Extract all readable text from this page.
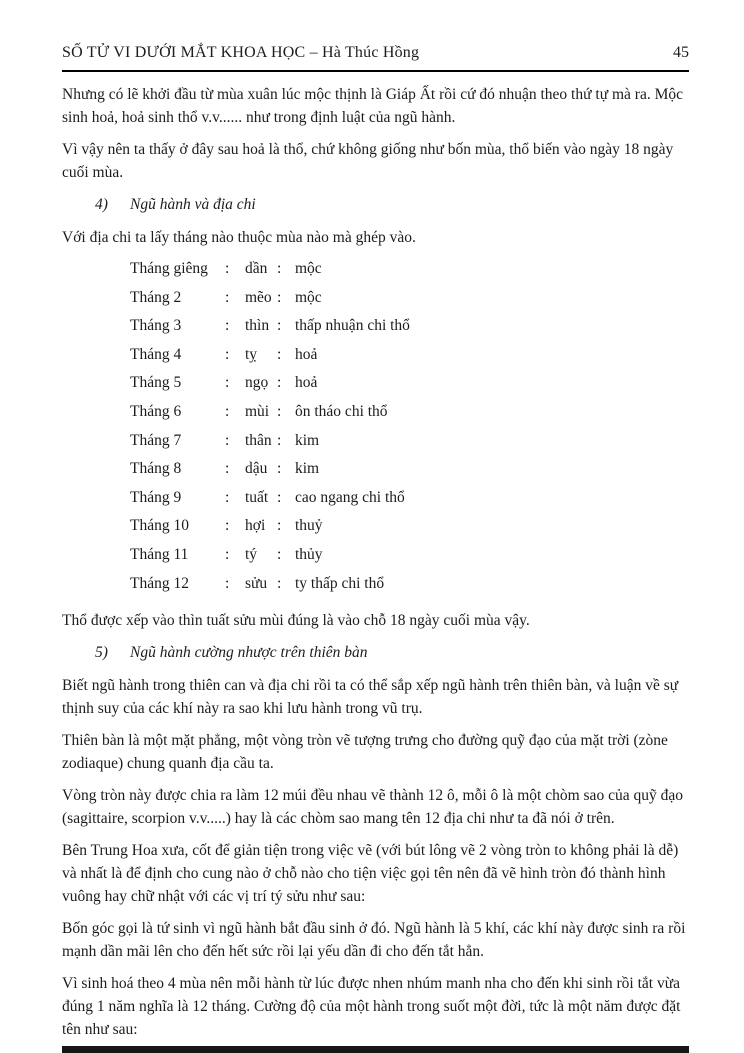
SỐ TỬ VI DƯỚI MẮT KHOA HỌC – Hà Thúc Hồng	45

Nhưng có lẽ khởi đầu từ mùa xuân lúc mộc thịnh là Giáp Ất rồi cứ đó nhuận theo thứ tự mà ra. Mộc sinh hoả, hoả sinh thổ v.v...... như trong định luật của ngũ hành.

Vì vậy nên ta thấy ở đây sau hoả là thổ, chứ không giống như bốn mùa, thổ biến vào ngày 18 ngày cuối mùa.

4) Ngũ hành và địa chi

Với địa chi ta lấy tháng nào thuộc mùa nào mà ghép vào.

Tháng giêng	:	dần : mộc
Tháng 2	:	mẽo : mộc
Tháng 3	:	thìn : thấp nhuận chi thổ
Tháng 4	:	tỵ	: hoả
Tháng 5	:	ngọ : hoả
Tháng 6	:	mùi : ôn tháo chi thổ
Tháng 7	:	thân : kim
Tháng 8	:	dậu : kim
Tháng 9	:	tuất : cao ngang chi thổ
Tháng 10	:	hợi : thuỷ
Tháng 11	:	tý	: thủy
Tháng 12	:	sửu : ty thấp chi thổ

Thổ được xếp vào thìn tuất sửu mùi đúng là vào chỗ 18 ngày cuối mùa vậy.

5) Ngũ hành cường nhược trên thiên bàn

Biết ngũ hành trong thiên can và địa chi rồi ta có thể sắp xếp ngũ hành trên thiên bàn, và luận về sự thịnh suy của các khí này ra sao khi lưu hành trong vũ trụ.

Thiên bàn là một mặt phẳng, một vòng tròn vẽ tượng trưng cho đường quỹ đạo của mặt trời (zòne zodiaque) chung quanh địa cầu ta.

Vòng tròn này được chia ra làm 12 múi đều nhau vẽ thành 12 ô, mỗi ô là một chòm sao của quỹ đạo (sagittaire, scorpion v.v.....) hay là các chòm sao mang tên 12 địa chi như ta đã nói ở trên.

Bên Trung Hoa xưa, cốt để giản tiện trong việc vẽ (với bút lông vẽ 2 vòng tròn to không phải là dễ) và nhất là để định cho cung nào ở chỗ nào cho tiện việc gọi tên nên đã vẽ hình tròn đó thành hình vuông hay chữ nhật với các vị trí tý sửu như sau:

Bốn góc gọi là tứ sinh vì ngũ hành bắt đầu sinh ở đó. Ngũ hành là 5 khí, các khí này được sinh ra rồi mạnh dần mãi lên cho đến hết sức rồi lại yếu dần đi cho đến tắt hẳn.

Vì sinh hoá theo 4 mùa nên mỗi hành từ lúc được nhen nhúm manh nha cho đến khi sinh rồi tắt vừa đúng 1 năm nghĩa là 12 tháng. Cường độ của một hành trong suốt một đời, tức là một năm được đặt tên như sau:
